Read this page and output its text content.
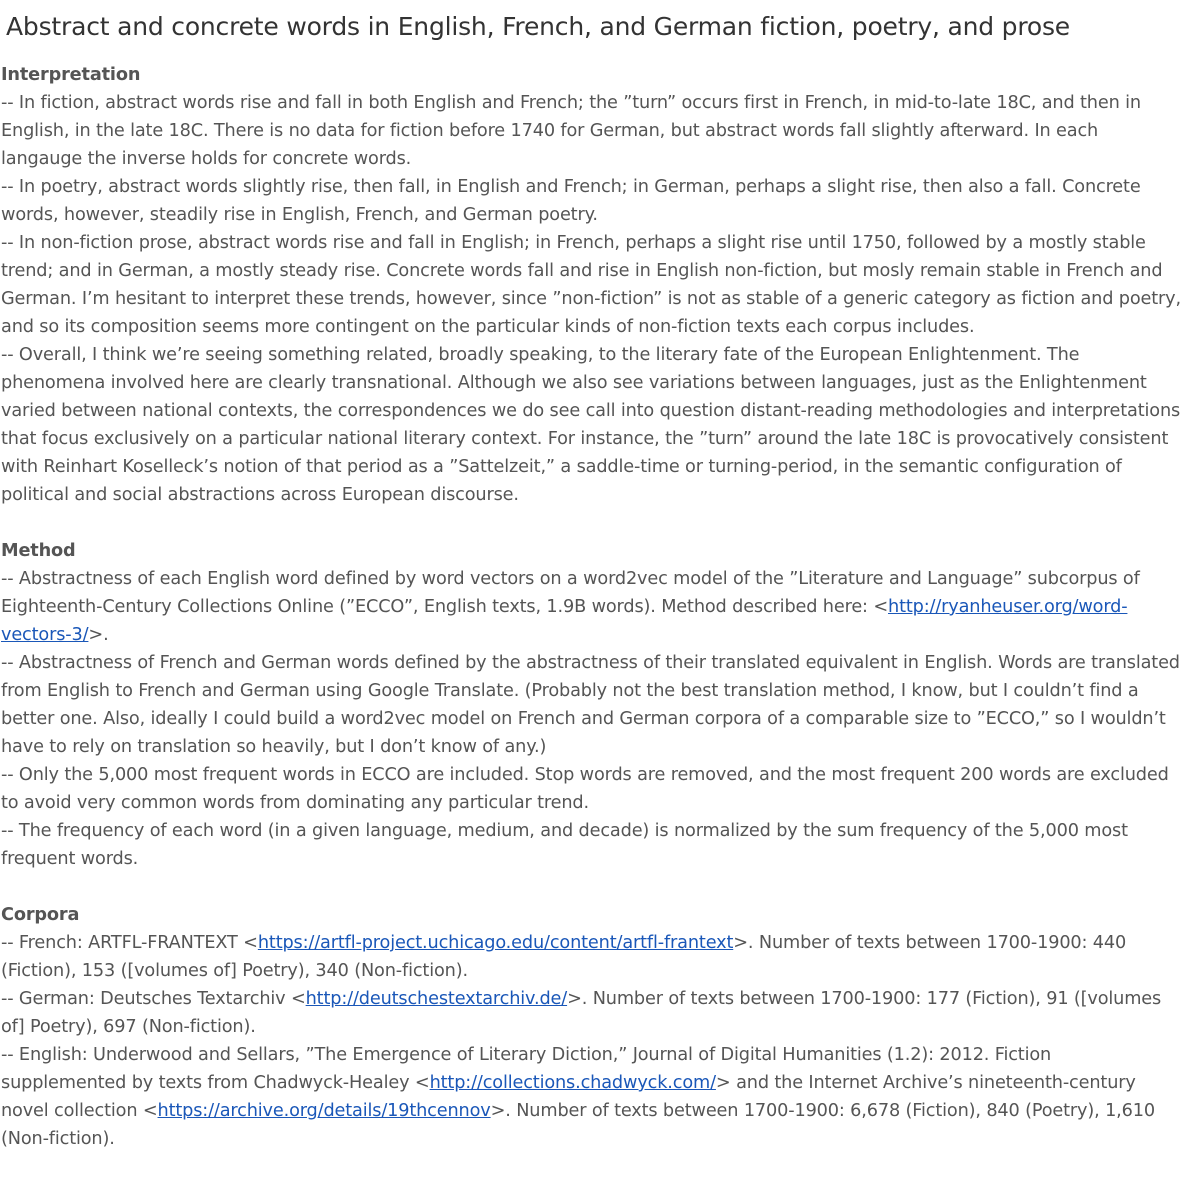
Abstract and concrete words in English, French, and German fiction, poetry, and prose
Interpretation

-- In fiction, abstract words rise and fall in both English and French; the ”turn” occurs first in French, in mid-to-late 18C, and then in English, in the late 18C. There is no data for fiction before 1740 for German, but abstract words fall slightly afterward. In each langauge the inverse holds for concrete words.

-- In poetry, abstract words slightly rise, then fall, in English and French; in German, perhaps a slight rise, then also a fall. Concrete words, however, steadily rise in English, French, and German poetry.

-- In non-fiction prose, abstract words rise and fall in English; in French, perhaps a slight rise until 1750, followed by a mostly stable trend; and in German, a mostly steady rise. Concrete words fall and rise in English non-fiction, but mosly remain stable in French and German. I’m hesitant to interpret these trends, however, since ”non-fiction” is not as stable of a generic category as fiction and poetry, and so its composition seems more contingent on the particular kinds of non-fiction texts each corpus includes.

-- Overall, I think we’re seeing something related, broadly speaking, to the literary fate of the European Enlightenment. The phenomena involved here are clearly transnational. Although we also see variations between languages, just as the Enlightenment varied between national contexts, the correspondences we do see call into question distant-reading methodologies and interpretations that focus exclusively on a particular national literary context. For instance, the ”turn” around the late 18C is provocatively consistent with Reinhart Koselleck’s notion of that period as a ”Sattelzeit,” a saddle-time or turning-period, in the semantic configuration of political and social abstractions across European discourse.

Method

-- Abstractness of each English word defined by word vectors on a word2vec model of the ”Literature and Language” subcorpus of Eighteenth-Century Collections Online (”ECCO”, English texts, 1.9B words). Method described here: <http://ryanheuser.org/word-vectors-3/>.

-- Abstractness of French and German words defined by the abstractness of their translated equivalent in English. Words are translated from English to French and German using Google Translate. (Probably not the best translation method, I know, but I couldn’t find a better one. Also, ideally I could build a word2vec model on French and German corpora of a comparable size to ”ECCO,” so I wouldn’t have to rely on translation so heavily, but I don’t know of any.)

-- Only the 5,000 most frequent words in ECCO are included. Stop words are removed, and the most frequent 200 words are excluded to avoid very common words from dominating any particular trend.

-- The frequency of each word (in a given language, medium, and decade) is normalized by the sum frequency of the 5,000 most frequent words.

Corpora

-- French: ARTFL-FRANTEXT <https://artfl-project.uchicago.edu/content/artfl-frantext>. Number of texts between 1700-1900: 440 (Fiction), 153 ([volumes of] Poetry), 340 (Non-fiction).

-- German: Deutsches Textarchiv <http://deutschestextarchiv.de/>. Number of texts between 1700-1900: 177 (Fiction), 91 ([volumes of] Poetry), 697 (Non-fiction).

-- English: Underwood and Sellars, ”The Emergence of Literary Diction,” Journal of Digital Humanities (1.2): 2012. Fiction supplemented by texts from Chadwyck-Healey <http://collections.chadwyck.com/> and the Internet Archive’s nineteenth-century novel collection <https://archive.org/details/19thcennov>. Number of texts between 1700-1900: 6,678 (Fiction), 840 (Poetry), 1,610 (Non-fiction).
